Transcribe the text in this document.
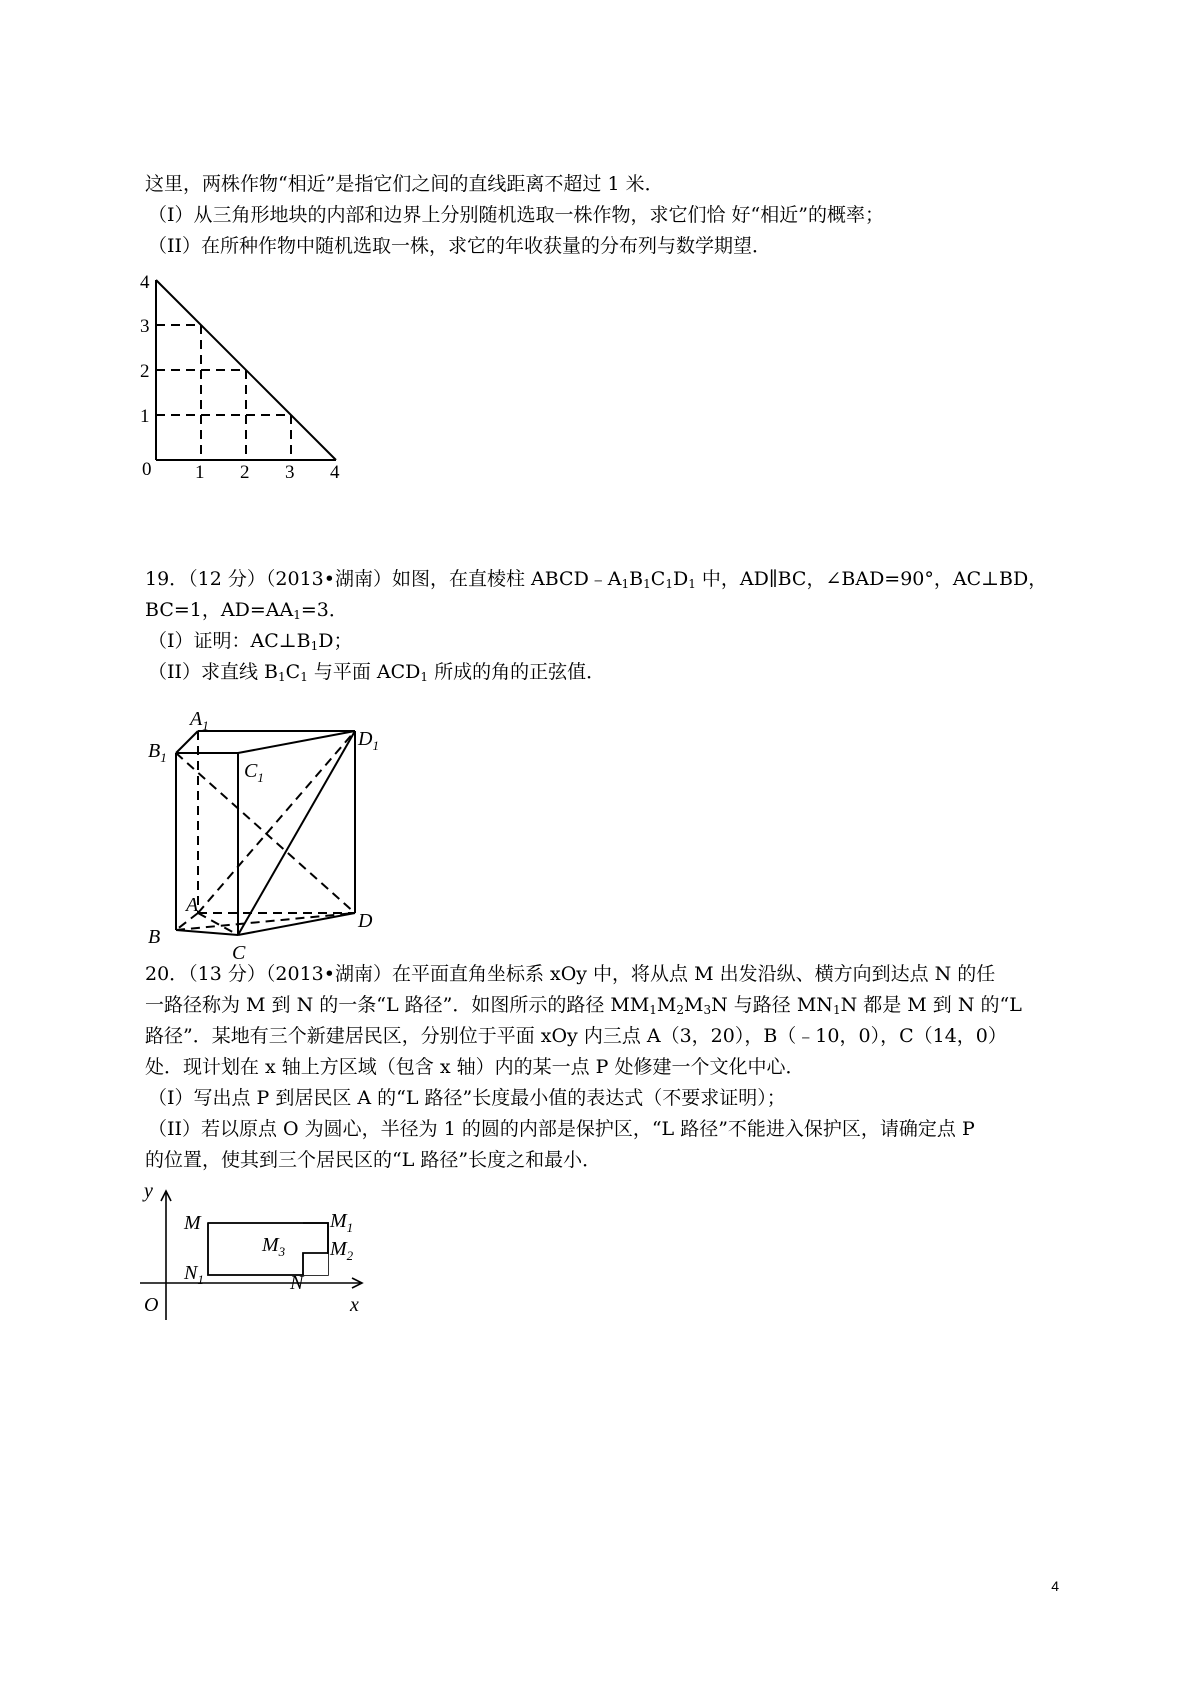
这里，两株作物“相近”是指它们之间的直线距离不超过 1 米．
（I）从三角形地块的内部和边界上分别随机选取一株作物，求它们恰 好“相近”的概率；
（II）在所种作物中随机选取一株，求它的年收获量的分布列与数学期望．
4
3
2
1
0 1 2 3 4
19．（12 分）（2013•湖南）如图，在直棱柱 $ABCD﹣A_1B_1C_1D_1$ 中，AD∥BC，∠BAD=90°，AC⊥BD，
BC=1，$AD=AA_1=3$．
（I）证明：$AC\perp B_1D$；
（II）求直线 $B_1C_1$ 与平面 $ACD_1$ 所成的角的正弦值．
$A_1$
$B_1$
$C_1$
$D_1$
A
B
C
D
20．（13 分）（2013•湖南）在平面直角坐标系 xOy 中，将从点 M 出发沿纵、横方向到达点 N 的任
一路径称为 M 到 N 的一条“L 路径”．如图所示的路径 $MM_1M_2M_3N$ 与路径 $MN_1N$ 都是 M 到 N 的“L
路径”．某地有三个新建居民区，分别位于平面 xOy 内三点 A（3，20），B（﹣10，0），C（14，0）
处．现计划在 x 轴上方区域（包含 x 轴）内的某一点 P 处修建一个文化中心．
（I）写出点 P 到居民区 A 的“L 路径”长度最小值的表达式（不要求证明）；
（II）若以原点 O 为圆心，半径为 1 的圆的内部是保护区，“L 路径”不能进入保护区，请确定点 P
的位置，使其到三个居民区的“L 路径”长度之和最小．
y
x
O
M	$M_1$
$M_2$
$M_3$
$N_1$	N
4
